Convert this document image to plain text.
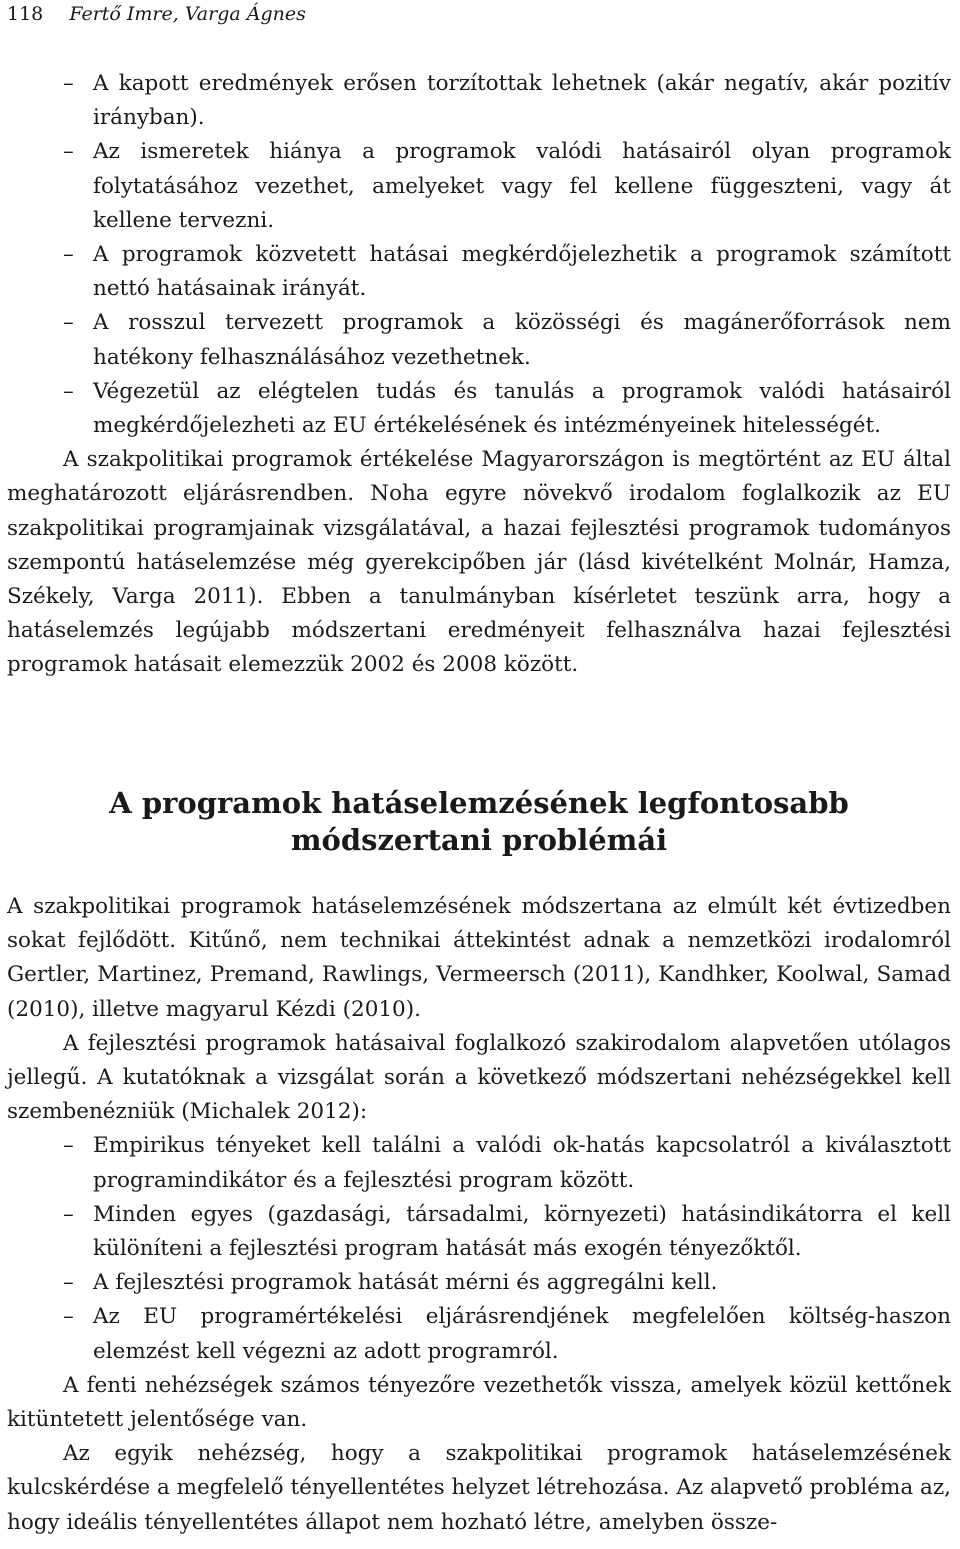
118 Fertő Imre, Varga Ágnes
– A kapott eredmények erősen torzítottak lehetnek (akár negatív, akár pozitív irányban).
– Az ismeretek hiánya a programok valódi hatásairól olyan programok folytatásához vezethet, amelyeket vagy fel kellene függeszteni, vagy át kellene tervezni.
– A programok közvetett hatásai megkérdőjelezhetik a programok számított nettó hatásainak irányát.
– A rosszul tervezett programok a közösségi és magánerőforrások nem hatékony felhasználásához vezethetnek.
– Végezetül az elégtelen tudás és tanulás a programok valódi hatásairól megkérdőjelezheti az EU értékelésének és intézményeinek hitelességét.

A szakpolitikai programok értékelése Magyarországon is megtörtént az EU által meghatározott eljárásrendben. Noha egyre növekvő irodalom foglalkozik az EU szakpolitikai programjainak vizsgálatával, a hazai fejlesztési programok tudományos szempontú hatáselemzése még gyerekcipőben jár (lásd kivételként Molnár, Hamza, Székely, Varga 2011). Ebben a tanulmányban kísérletet teszünk arra, hogy a hatáselemzés legújabb módszertani eredményeit felhasználva hazai fejlesztési programok hatásait elemezzük 2002 és 2008 között.

A programok hatáselemzésének legfontosabb
módszertani problémái

A szakpolitikai programok hatáselemzésének módszertana az elmúlt két évtizedben sokat fejlődött. Kitűnő, nem technikai áttekintést adnak a nemzetközi irodalomról Gertler, Martinez, Premand, Rawlings, Vermeersch (2011), Kandhker, Koolwal, Samad (2010), illetve magyarul Kézdi (2010).

A fejlesztési programok hatásaival foglalkozó szakirodalom alapvetően utólagos jellegű. A kutatóknak a vizsgálat során a következő módszertani nehézségekkel kell szembenézniük (Michalek 2012):

– Empirikus tényeket kell találni a valódi ok-hatás kapcsolatról a kiválasztott programindikátor és a fejlesztési program között.
– Minden egyes (gazdasági, társadalmi, környezeti) hatásindikátorra el kell különíteni a fejlesztési program hatását más exogén tényezőktől.
– A fejlesztési programok hatását mérni és aggregálni kell.
– Az EU programértékelési eljárásrendjének megfelelően költség-haszon elemzést kell végezni az adott programról.

A fenti nehézségek számos tényezőre vezethetők vissza, amelyek közül kettőnek kitüntetett jelentősége van.

Az egyik nehézség, hogy a szakpolitikai programok hatáselemzésének kulcskérdése a megfelelő tényellentétes helyzet létrehozása. Az alapvető probléma az, hogy ideális tényellentétes állapot nem hozható létre, amelyben össze-
